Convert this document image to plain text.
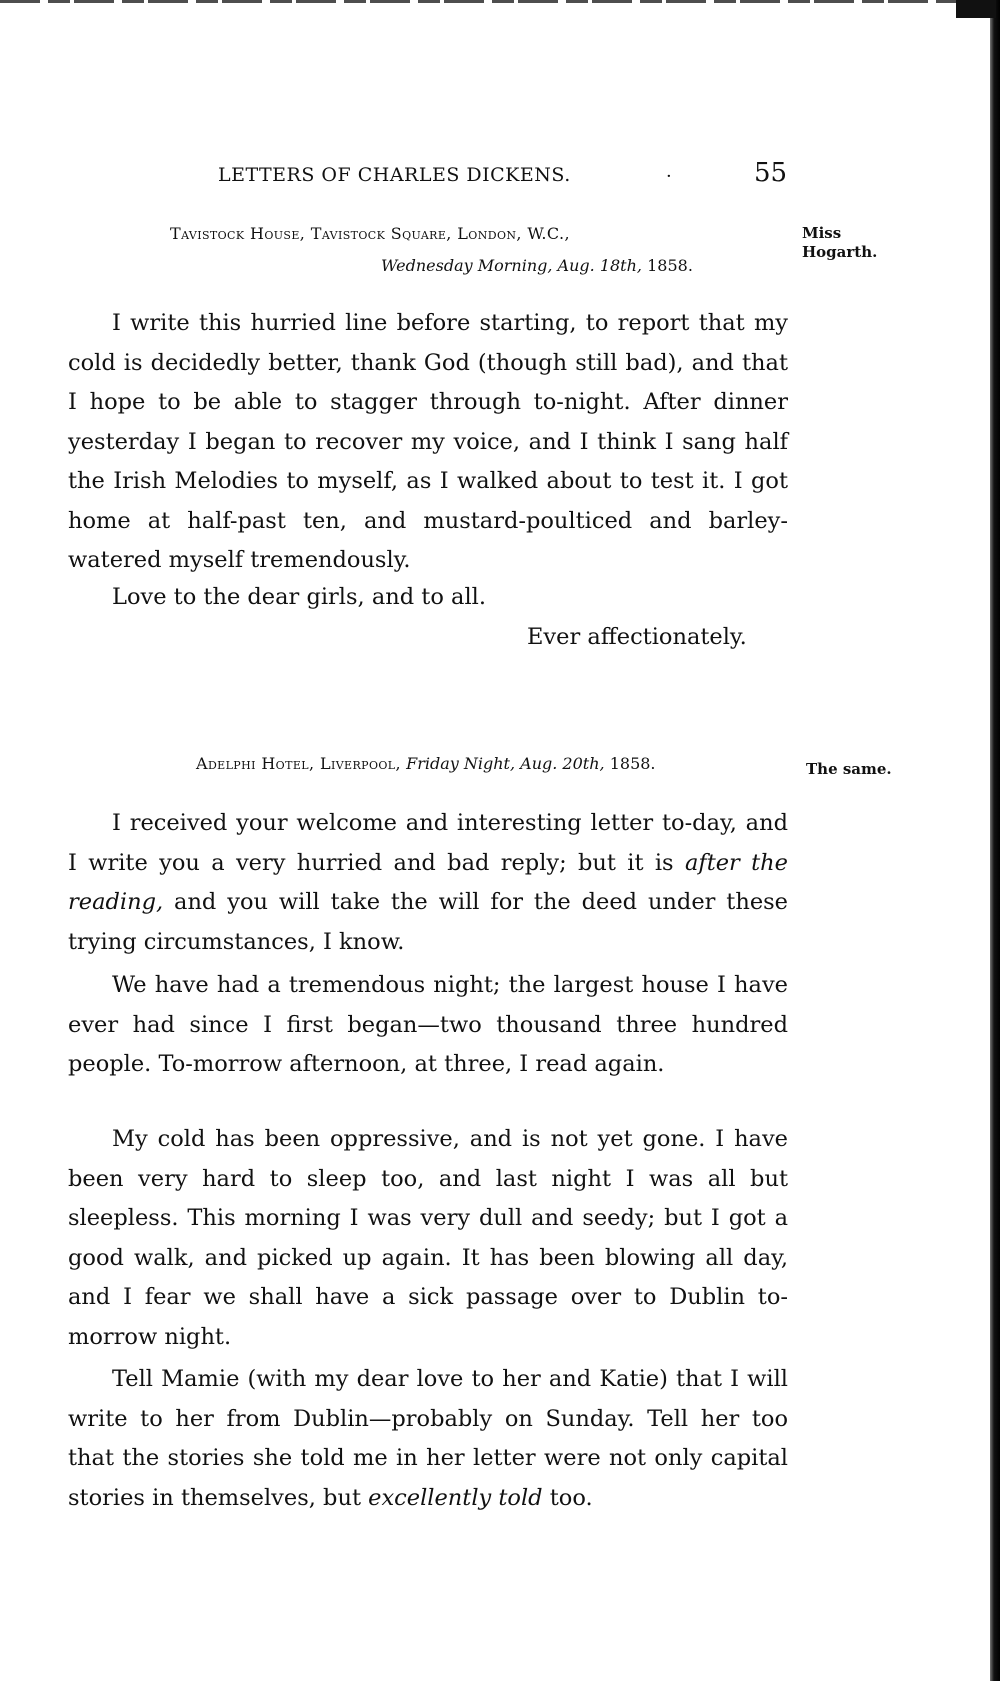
LETTERS OF CHARLES DICKENS.	·	55
Miss Hogarth.
Tavistock House, Tavistock Square, London, W.C.,
Wednesday Morning, Aug. 18th, 1858.

I write this hurried line before starting, to report that my cold is decidedly better, thank God (though still bad), and that I hope to be able to stagger through to-night. After dinner yesterday I began to recover my voice, and I think I sang half the Irish Melodies to myself, as I walked about to test it. I got home at half-past ten, and mustard-poulticed and barley-watered myself tremendously.

Love to the dear girls, and to all.
Ever affectionately.
The same.
Adelphi Hotel, Liverpool, Friday Night, Aug. 20th, 1858.

I received your welcome and interesting letter to-day, and I write you a very hurried and bad reply; but it is after the reading, and you will take the will for the deed under these trying circumstances, I know.

We have had a tremendous night; the largest house I have ever had since I first began—two thousand three hundred people. To-morrow afternoon, at three, I read again.

My cold has been oppressive, and is not yet gone. I have been very hard to sleep too, and last night I was all but sleepless. This morning I was very dull and seedy; but I got a good walk, and picked up again. It has been blowing all day, and I fear we shall have a sick passage over to Dublin to-morrow night.

Tell Mamie (with my dear love to her and Katie) that I will write to her from Dublin—probably on Sunday. Tell her too that the stories she told me in her letter were not only capital stories in themselves, but excellently told too.
